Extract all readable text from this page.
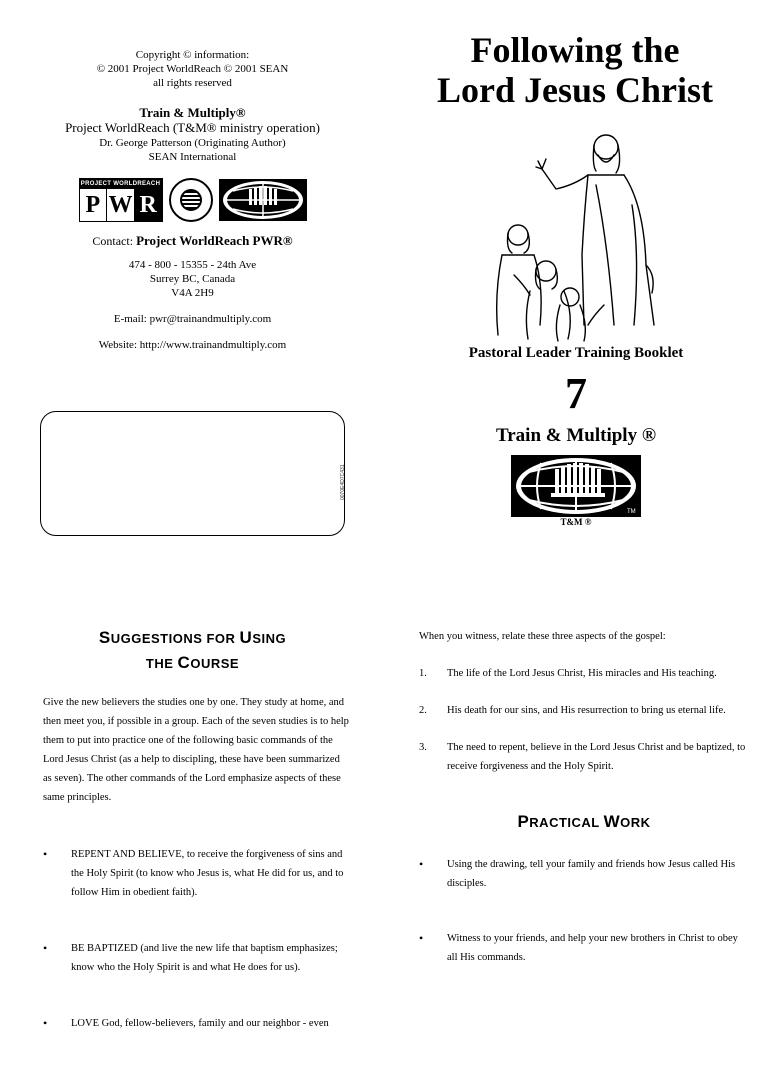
Copyright © information:
© 2001 Project WorldReach © 2001 SEAN
all rights reserved
Train & Multiply®
Project WorldReach (T&M® ministry operation)
Dr. George Patterson (Originating Author)
SEAN International
PROJECT WORLDREACH
P W R
Contact: Project WorldReach PWR®
474 - 800 - 15355 - 24th Ave
Surrey BC, Canada
V4A 2H9
E-mail: pwr@trainandmultiply.com
Website: http://www.trainandmultiply.com
0070E4D7C431
Following the
Lord Jesus Christ
Pastoral Leader Training Booklet
7
Train & Multiply ®
TM
T&M ®
SUGGESTIONS FOR USING
THE COURSE
Give the new believers the studies one by one. They study at home, and then meet you, if possible in a group. Each of the seven studies is to help them to put into practice one of the following basic commands of the Lord Jesus Christ (as a help to discipling, these have been summarized as seven). The other commands of the Lord emphasize aspects of these same principles.
• REPENT AND BELIEVE, to receive the forgiveness of sins and the Holy Spirit (to know who Jesus is, what He did for us, and to follow Him in obedient faith).
• BE BAPTIZED (and live the new life that baptism emphasizes; know who the Holy Spirit is and what He does for us).
• LOVE God, fellow-believers, family and our neighbor - even
When you witness, relate these three aspects of the gospel:
1. The life of the Lord Jesus Christ, His miracles and His teaching.
2. His death for our sins, and His resurrection to bring us eternal life.
3. The need to repent, believe in the Lord Jesus Christ and be baptized, to receive forgiveness and the Holy Spirit.
PRACTICAL WORK
• Using the drawing, tell your family and friends how Jesus called His disciples.
• Witness to your friends, and help your new brothers in Christ to obey all His commands.
